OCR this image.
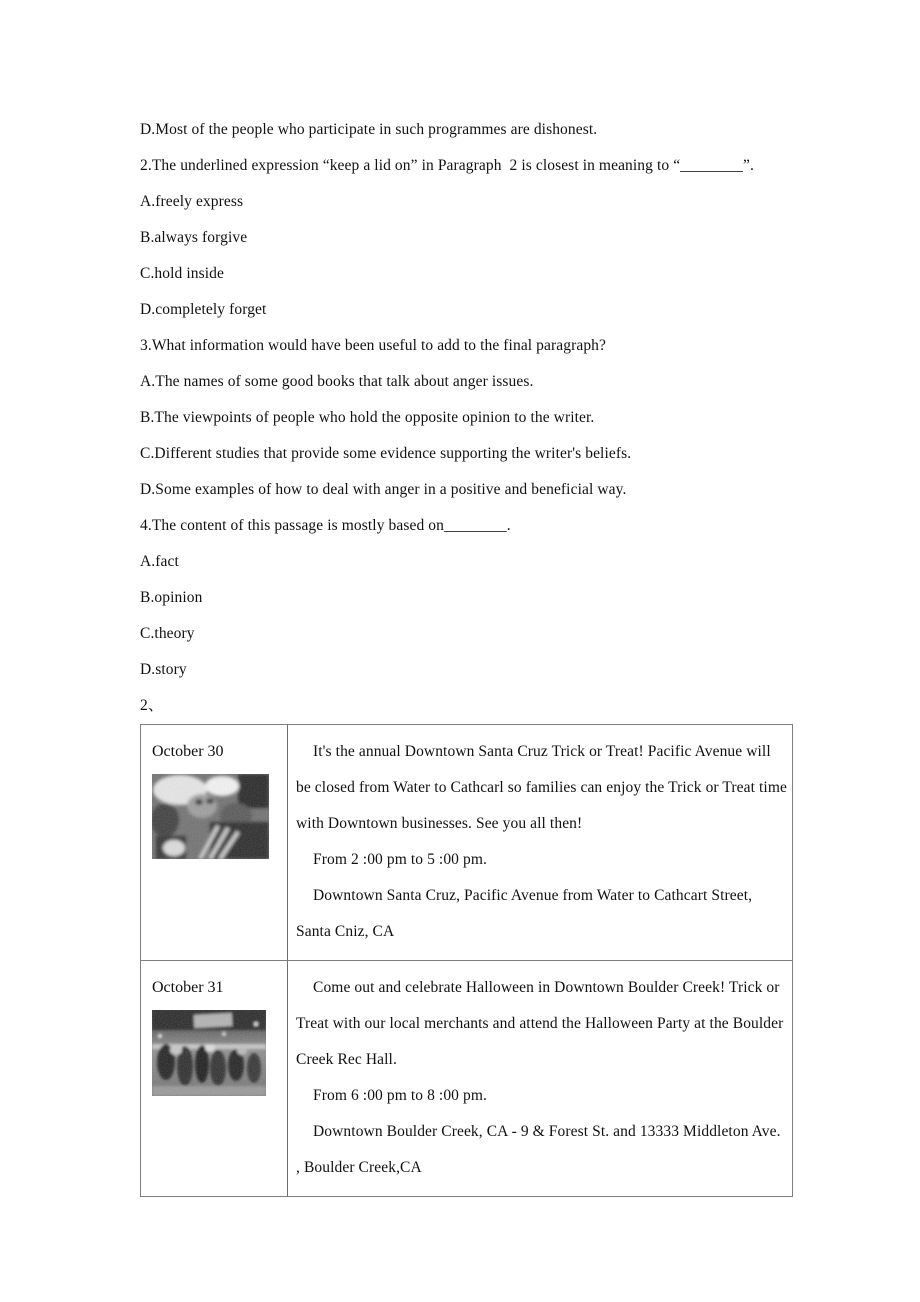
D.Most of the people who participate in such programmes are dishonest.

2.The underlined expression “keep a lid on” in Paragraph  2 is closest in meaning to “________”.

A.freely express

B.always forgive

C.hold inside

D.completely forget

3.What information would have been useful to add to the final paragraph?

A.The names of some good books that talk about anger issues.

B.The viewpoints of people who hold the opposite opinion to the writer.

C.Different studies that provide some evidence supporting the writer's beliefs.

D.Some examples of how to deal with anger in a positive and beneficial way.

4.The content of this passage is mostly based on________.

A.fact

B.opinion

C.theory

D.story

2、

October 30	It's the annual Downtown Santa Cruz Trick or Treat! Pacific Avenue will be closed from Water to Cathcarl so families can enjoy the Trick or Treat time with Downtown businesses. See you all then!

From 2 :00 pm to 5 :00 pm.

Downtown Santa Cruz, Pacific Avenue from Water to Cathcart Street, Santa Cniz, CA

October 31	Come out and celebrate Halloween in Downtown Boulder Creek! Trick or Treat with our local merchants and attend the Halloween Party at the Boulder Creek Rec Hall.

From 6 :00 pm to 8 :00 pm.

Downtown Boulder Creek, CA - 9 & Forest St. and 13333 Middleton Ave. , Boulder Creek,CA
